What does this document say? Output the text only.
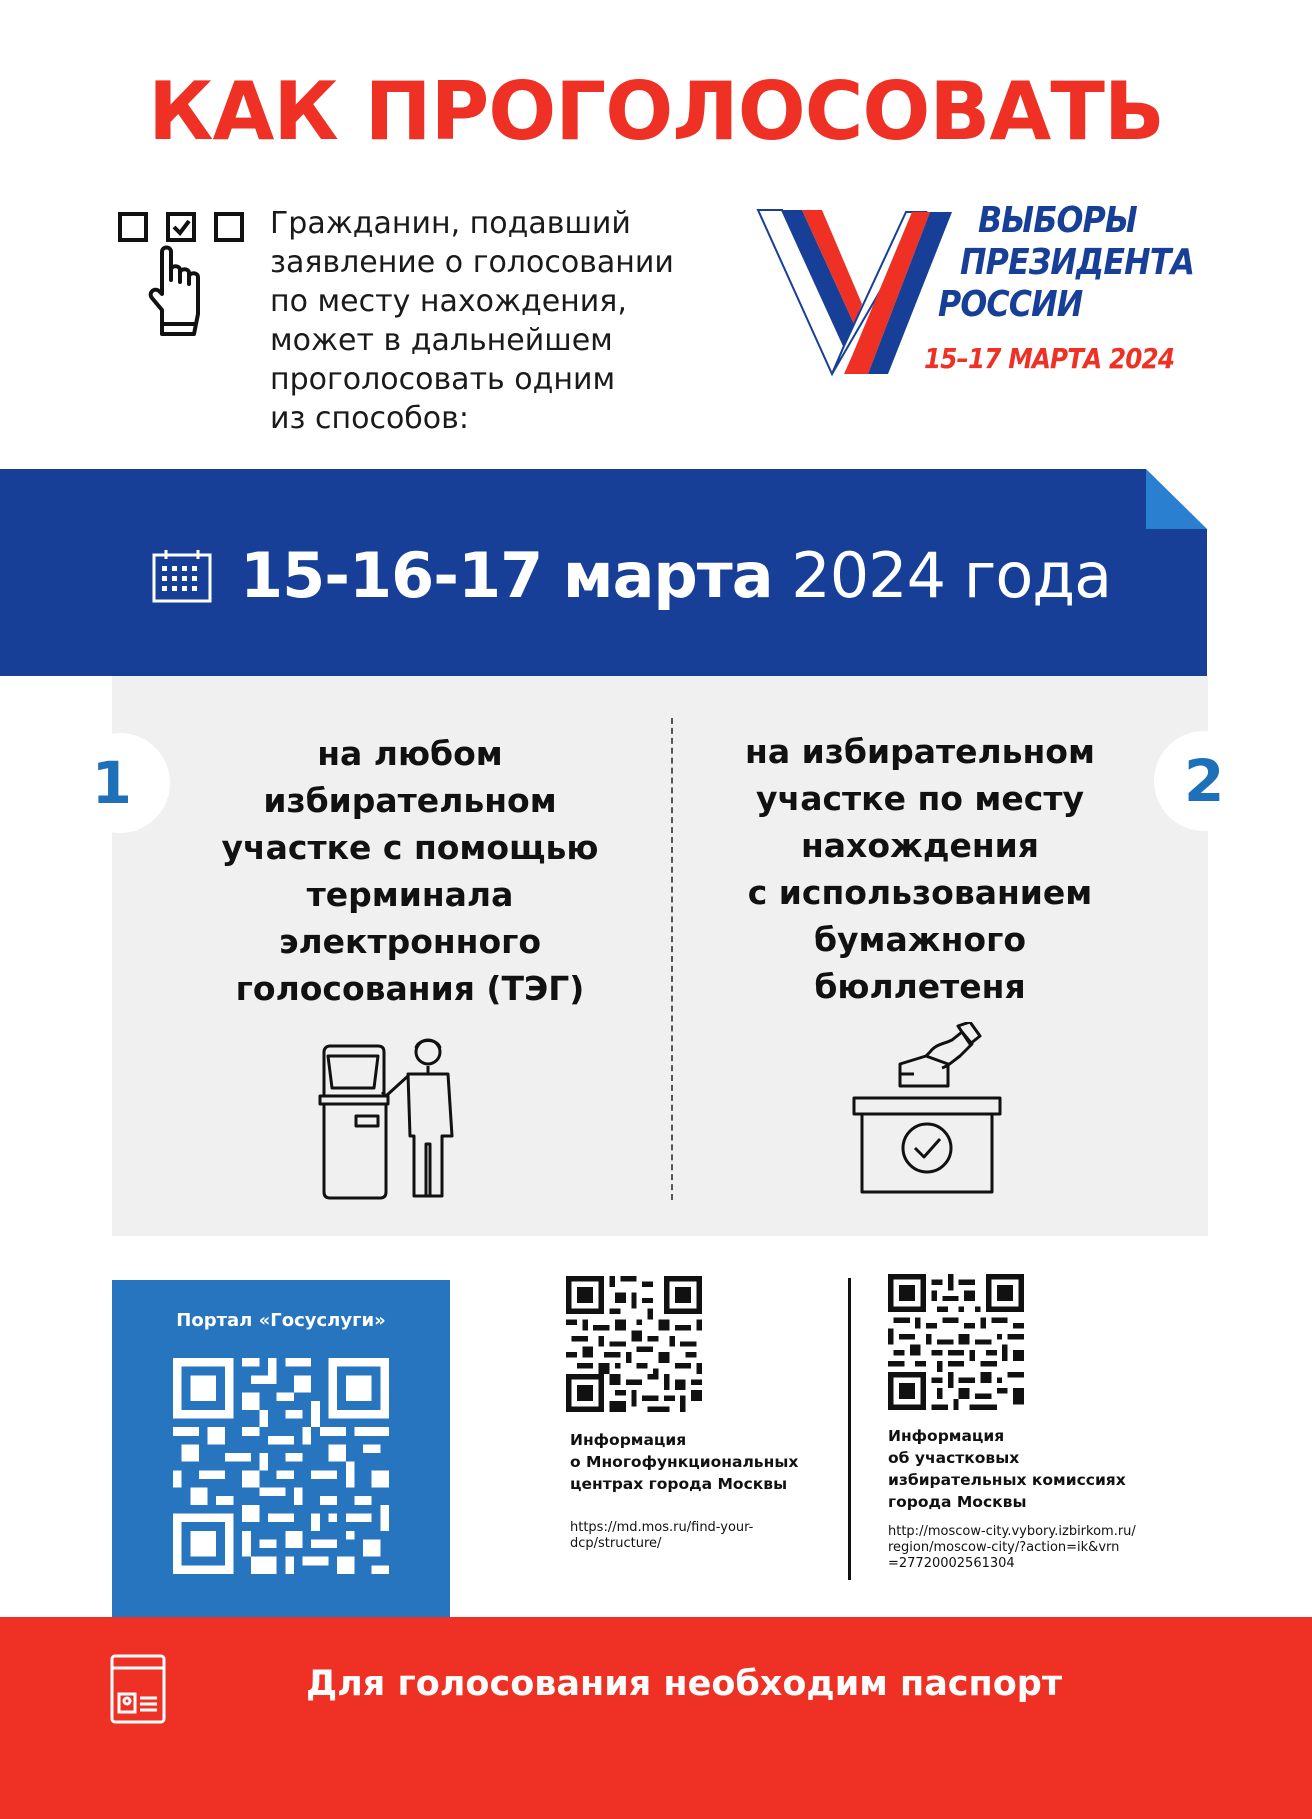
КАК ПРОГОЛОСОВАТЬ
Гражданин, подавший
заявление о голосовании
по месту нахождения,
может в дальнейшем
проголосовать одним
из способов:
ВЫБОРЫ
ПРЕЗИДЕНТА
РОССИИ
15–17 МАРТА 2024
15-16-17 марта 2024 года
1	2
на любом
избирательном
участке с помощью
терминала
электронного
голосования (ТЭГ)
на избирательном
участке по месту
нахождения
с использованием
бумажного
бюллетеня
Портал «Госуслуги»
Информация
о Многофункциональных
центрах города Москвы
https://md.mos.ru/find-your-
dcp/structure/
Информация
об участковых
избирательных комиссиях
города Москвы
http://moscow-city.vybory.izbirkom.ru/
region/moscow-city/?action=ik&vrn
=27720002561304
Для голосования необходим паспорт
